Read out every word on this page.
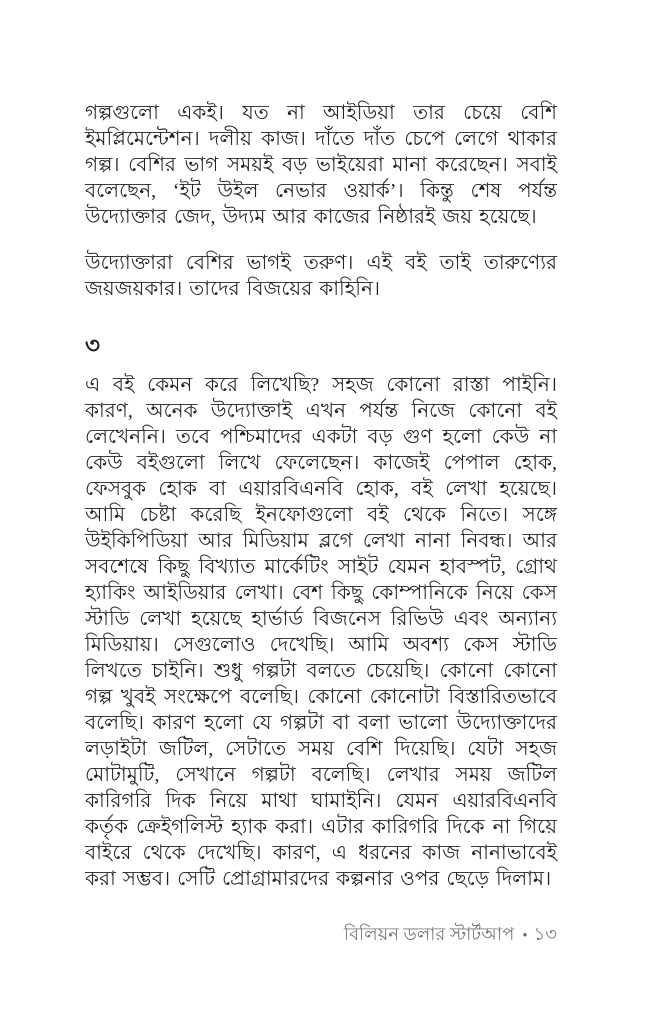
গল্পগুলো একই। যত না আইডিয়া তার চেয়ে বেশি ইমপ্লিমেন্টেশন। দলীয় কাজ। দাঁতে দাঁত চেপে লেগে থাকার গল্প। বেশির ভাগ সময়ই বড় ভাইয়েরা মানা করেছেন। সবাই বলেছেন, ‘ইট উইল নেভার ওয়ার্ক’। কিন্তু শেষ পর্যন্ত উদ্যোক্তার জেদ, উদ্যম আর কাজের নিষ্ঠারই জয় হয়েছে।

উদ্যোক্তারা বেশির ভাগই তরুণ। এই বই তাই তারুণ্যের জয়জয়কার। তাদের বিজয়ের কাহিনি।

৩

এ বই কেমন করে লিখেছি? সহজ কোনো রাস্তা পাইনি। কারণ, অনেক উদ্যোক্তাই এখন পর্যন্ত নিজে কোনো বই লেখেননি। তবে পশ্চিমাদের একটা বড় গুণ হলো কেউ না কেউ বইগুলো লিখে ফেলেছেন। কাজেই পেপাল হোক, ফেসবুক হোক বা এয়ারবিএনবি হোক, বই লেখা হয়েছে। আমি চেষ্টা করেছি ইনফোগুলো বই থেকে নিতে। সঙ্গে উইকিপিডিয়া আর মিডিয়াম ব্লগে লেখা নানা নিবন্ধ। আর সবশেষে কিছু বিখ্যাত মার্কেটিং সাইট যেমন হাবস্পট, গ্রোথ হ্যাকিং আইডিয়ার লেখা। বেশ কিছু কোম্পানিকে নিয়ে কেস স্টাডি লেখা হয়েছে হার্ভার্ড বিজনেস রিভিউ এবং অন্যান্য মিডিয়ায়। সেগুলোও দেখেছি। আমি অবশ্য কেস স্টাডি লিখতে চাইনি। শুধু গল্পটা বলতে চেয়েছি। কোনো কোনো গল্প খুবই সংক্ষেপে বলেছি। কোনো কোনোটা বিস্তারিতভাবে বলেছি। কারণ হলো যে গল্পটা বা বলা ভালো উদ্যোক্তাদের লড়াইটা জটিল, সেটাতে সময় বেশি দিয়েছি। যেটা সহজ মোটামুটি, সেখানে গল্পটা বলেছি। লেখার সময় জটিল কারিগরি দিক নিয়ে মাথা ঘামাইনি। যেমন এয়ারবিএনবি কর্তৃক ক্রেইগলিস্ট হ্যাক করা। এটার কারিগরি দিকে না গিয়ে বাইরে থেকে দেখেছি। কারণ, এ ধরনের কাজ নানাভাবেই করা সম্ভব। সেটি প্রোগ্রামারদের কল্পনার ওপর ছেড়ে দিলাম।

বিলিয়ন ডলার স্টার্টআপ • ১৩
